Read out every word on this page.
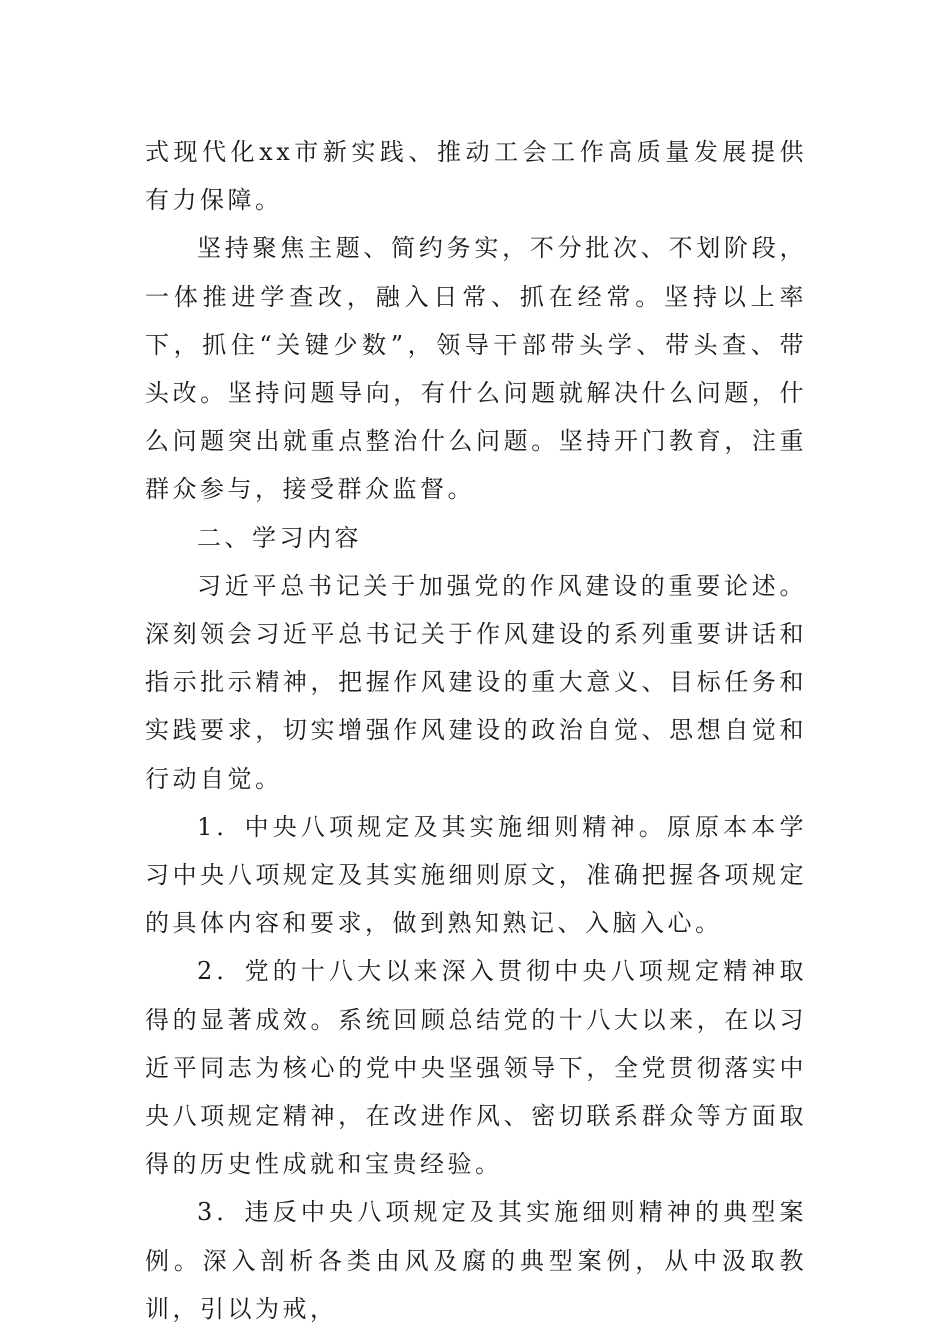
式现代化xx市新实践、推动工会工作高质量发展提供有力保障。

坚持聚焦主题、简约务实，不分批次、不划阶段，一体推进学查改，融入日常、抓在经常。坚持以上率下，抓住“关键少数”，领导干部带头学、带头查、带头改。坚持问题导向，有什么问题就解决什么问题，什么问题突出就重点整治什么问题。坚持开门教育，注重群众参与，接受群众监督。

二、学习内容

习近平总书记关于加强党的作风建设的重要论述。深刻领会习近平总书记关于作风建设的系列重要讲话和指示批示精神，把握作风建设的重大意义、目标任务和实践要求，切实增强作风建设的政治自觉、思想自觉和行动自觉。

1．中央八项规定及其实施细则精神。原原本本学习中央八项规定及其实施细则原文，准确把握各项规定的具体内容和要求，做到熟知熟记、入脑入心。

2．党的十八大以来深入贯彻中央八项规定精神取得的显著成效。系统回顾总结党的十八大以来，在以习近平同志为核心的党中央坚强领导下，全党贯彻落实中央八项规定精神，在改进作风、密切联系群众等方面取得的历史性成就和宝贵经验。

3．违反中央八项规定及其实施细则精神的典型案例。深入剖析各类由风及腐的典型案例，从中汲取教训，引以为戒，
